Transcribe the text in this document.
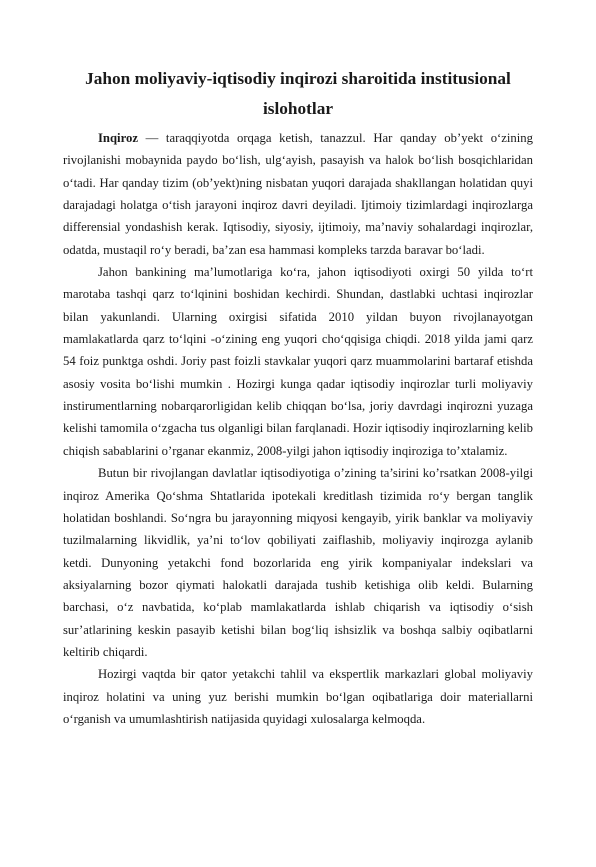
Jahon moliyaviy-iqtisodiy inqirozi sharoitida institusional islohotlar

Inqiroz — taraqqiyotda orqaga ketish, tanazzul. Har qanday ob’yekt o‘zining rivojlanishi mobaynida paydo bo‘lish, ulg‘ayish, pasayish va halok bo‘lish bosqichlaridan o‘tadi. Har qanday tizim (ob’yekt)ning nisbatan yuqori darajada shakllangan holatidan quyi darajadagi holatga o‘tish jarayoni inqiroz davri deyiladi. Ijtimoiy tizimlardagi inqirozlarga differensial yondashish kerak. Iqtisodiy, siyosiy, ijtimoiy, ma’naviy sohalardagi inqirozlar, odatda, mustaqil ro‘y beradi, ba’zan esa hammasi kompleks tarzda baravar bo‘ladi.

Jahon bankining ma’lumotlariga ko‘ra, jahon iqtisodiyoti oxirgi 50 yilda to‘rt marotaba tashqi qarz to‘lqinini boshidan kechirdi. Shundan, dastlabki uchtasi inqirozlar bilan yakunlandi. Ularning oxirgisi sifatida 2010 yildan buyon rivojlanayotgan mamlakatlarda qarz to‘lqini -o‘zining eng yuqori cho‘qqisiga chiqdi. 2018 yilda jami qarz 54 foiz punktga oshdi. Joriy past foizli stavkalar yuqori qarz muammolarini bartaraf etishda asosiy vosita bo‘lishi mumkin . Hozirgi kunga qadar iqtisodiy inqirozlar turli moliyaviy instirumentlarning nobarqarorligidan kelib chiqqan bo‘lsa, joriy davrdagi inqirozni yuzaga kelishi tamomila o‘zgacha tus olganligi bilan farqlanadi. Hozir iqtisodiy inqirozlarning kelib chiqish sabablarini o’rganar ekanmiz, 2008-yilgi jahon iqtisodiy inqiroziga to’xtalamiz.

Butun bir rivojlangan davlatlar iqtisodiyotiga o’zining ta’sirini ko’rsatkan 2008-yilgi inqiroz Amerika Qo‘shma Shtatlarida ipotekali kreditlash tizimida ro‘y bergan tanglik holatidan boshlandi. So‘ngra bu jarayonning miqyosi kengayib, yirik banklar va moliyaviy tuzilmalarning likvidlik, ya’ni to‘lov qobiliyati zaiflashib, moliyaviy inqirozga aylanib ketdi. Dunyoning yetakchi fond bozorlarida eng yirik kompaniyalar indekslari va aksiyalarning bozor qiymati halokatli darajada tushib ketishiga olib keldi. Bularning barchasi, o‘z navbatida, ko‘plab mamlakatlarda ishlab chiqarish va iqtisodiy o‘sish sur’atlarining keskin pasayib ketishi bilan bog‘liq ishsizlik va boshqa salbiy oqibatlarni keltirib chiqardi.

Hozirgi vaqtda bir qator yetakchi tahlil va ekspertlik markazlari global moliyaviy inqiroz holatini va uning yuz berishi mumkin bo‘lgan oqibatlariga doir materiallarni o‘rganish va umumlashtirish natijasida quyidagi xulosalarga kelmoqda.
